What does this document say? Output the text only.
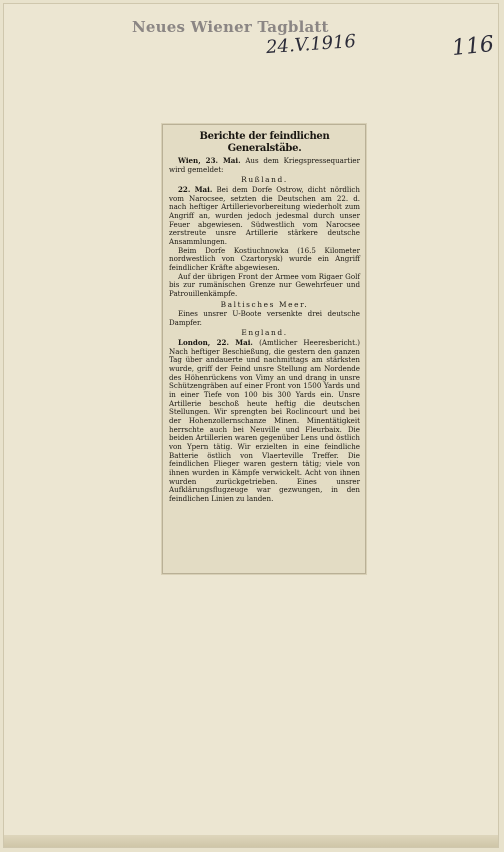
Neues Wiener Tagblatt
24.V.1916	116
Berichte der feindlichen Generalstäbe.

Wien, 23. Mai. Aus dem Kriegspressequartier wird gemeldet:

Rußland.

22. Mai. Bei dem Dorfe Ostrow, dicht nördlich vom Narocsee, setzten die Deutschen am 22. d. nach heftiger Artillerievorbereitung wiederholt zum Angriff an, wurden jedoch jedesmal durch unser Feuer abgewiesen. Südwestlich vom Narocsee zerstreute unsre Artillerie stärkere deutsche Ansammlungen.

Beim Dorfe Kostiuchnowka (16.5 Kilometer nordwestlich von Czartorysk) wurde ein Angriff feindlicher Kräfte abgewiesen.

Auf der übrigen Front der Armee vom Rigaer Golf bis zur rumänischen Grenze nur Gewehrfeuer und Patrouillenkämpfe.

Baltisches Meer.

Eines unsrer U-Boote versenkte drei deutsche Dampfer.

England.

London, 22. Mai. (Amtlicher Heeresbericht.) Nach heftiger Beschießung, die gestern den ganzen Tag über andauerte und nachmittags am stärksten wurde, griff der Feind unsre Stellung am Nordende des Höhenrückens von Vimy an und drang in unsre Schützengräben auf einer Front von 1500 Yards und in einer Tiefe von 100 bis 300 Yards ein. Unsre Artillerie beschoß heute heftig die deutschen Stellungen. Wir sprengten bei Roclincourt und bei der Hohenzollernschanze Minen. Minentätigkeit herrschte auch bei Neuville und Fleurbaix. Die beiden Artillerien waren gegenüber Lens und östlich von Ypern tätig. Wir erzielten in eine feindliche Batterie östlich von Vlaerteville Treffer. Die feindlichen Flieger waren gestern tätig; viele von ihnen wurden in Kämpfe verwickelt. Acht von ihnen wurden zurückgetrieben. Eines unsrer Aufklärungsflugzeuge war gezwungen, in den feindlichen Linien zu landen.
